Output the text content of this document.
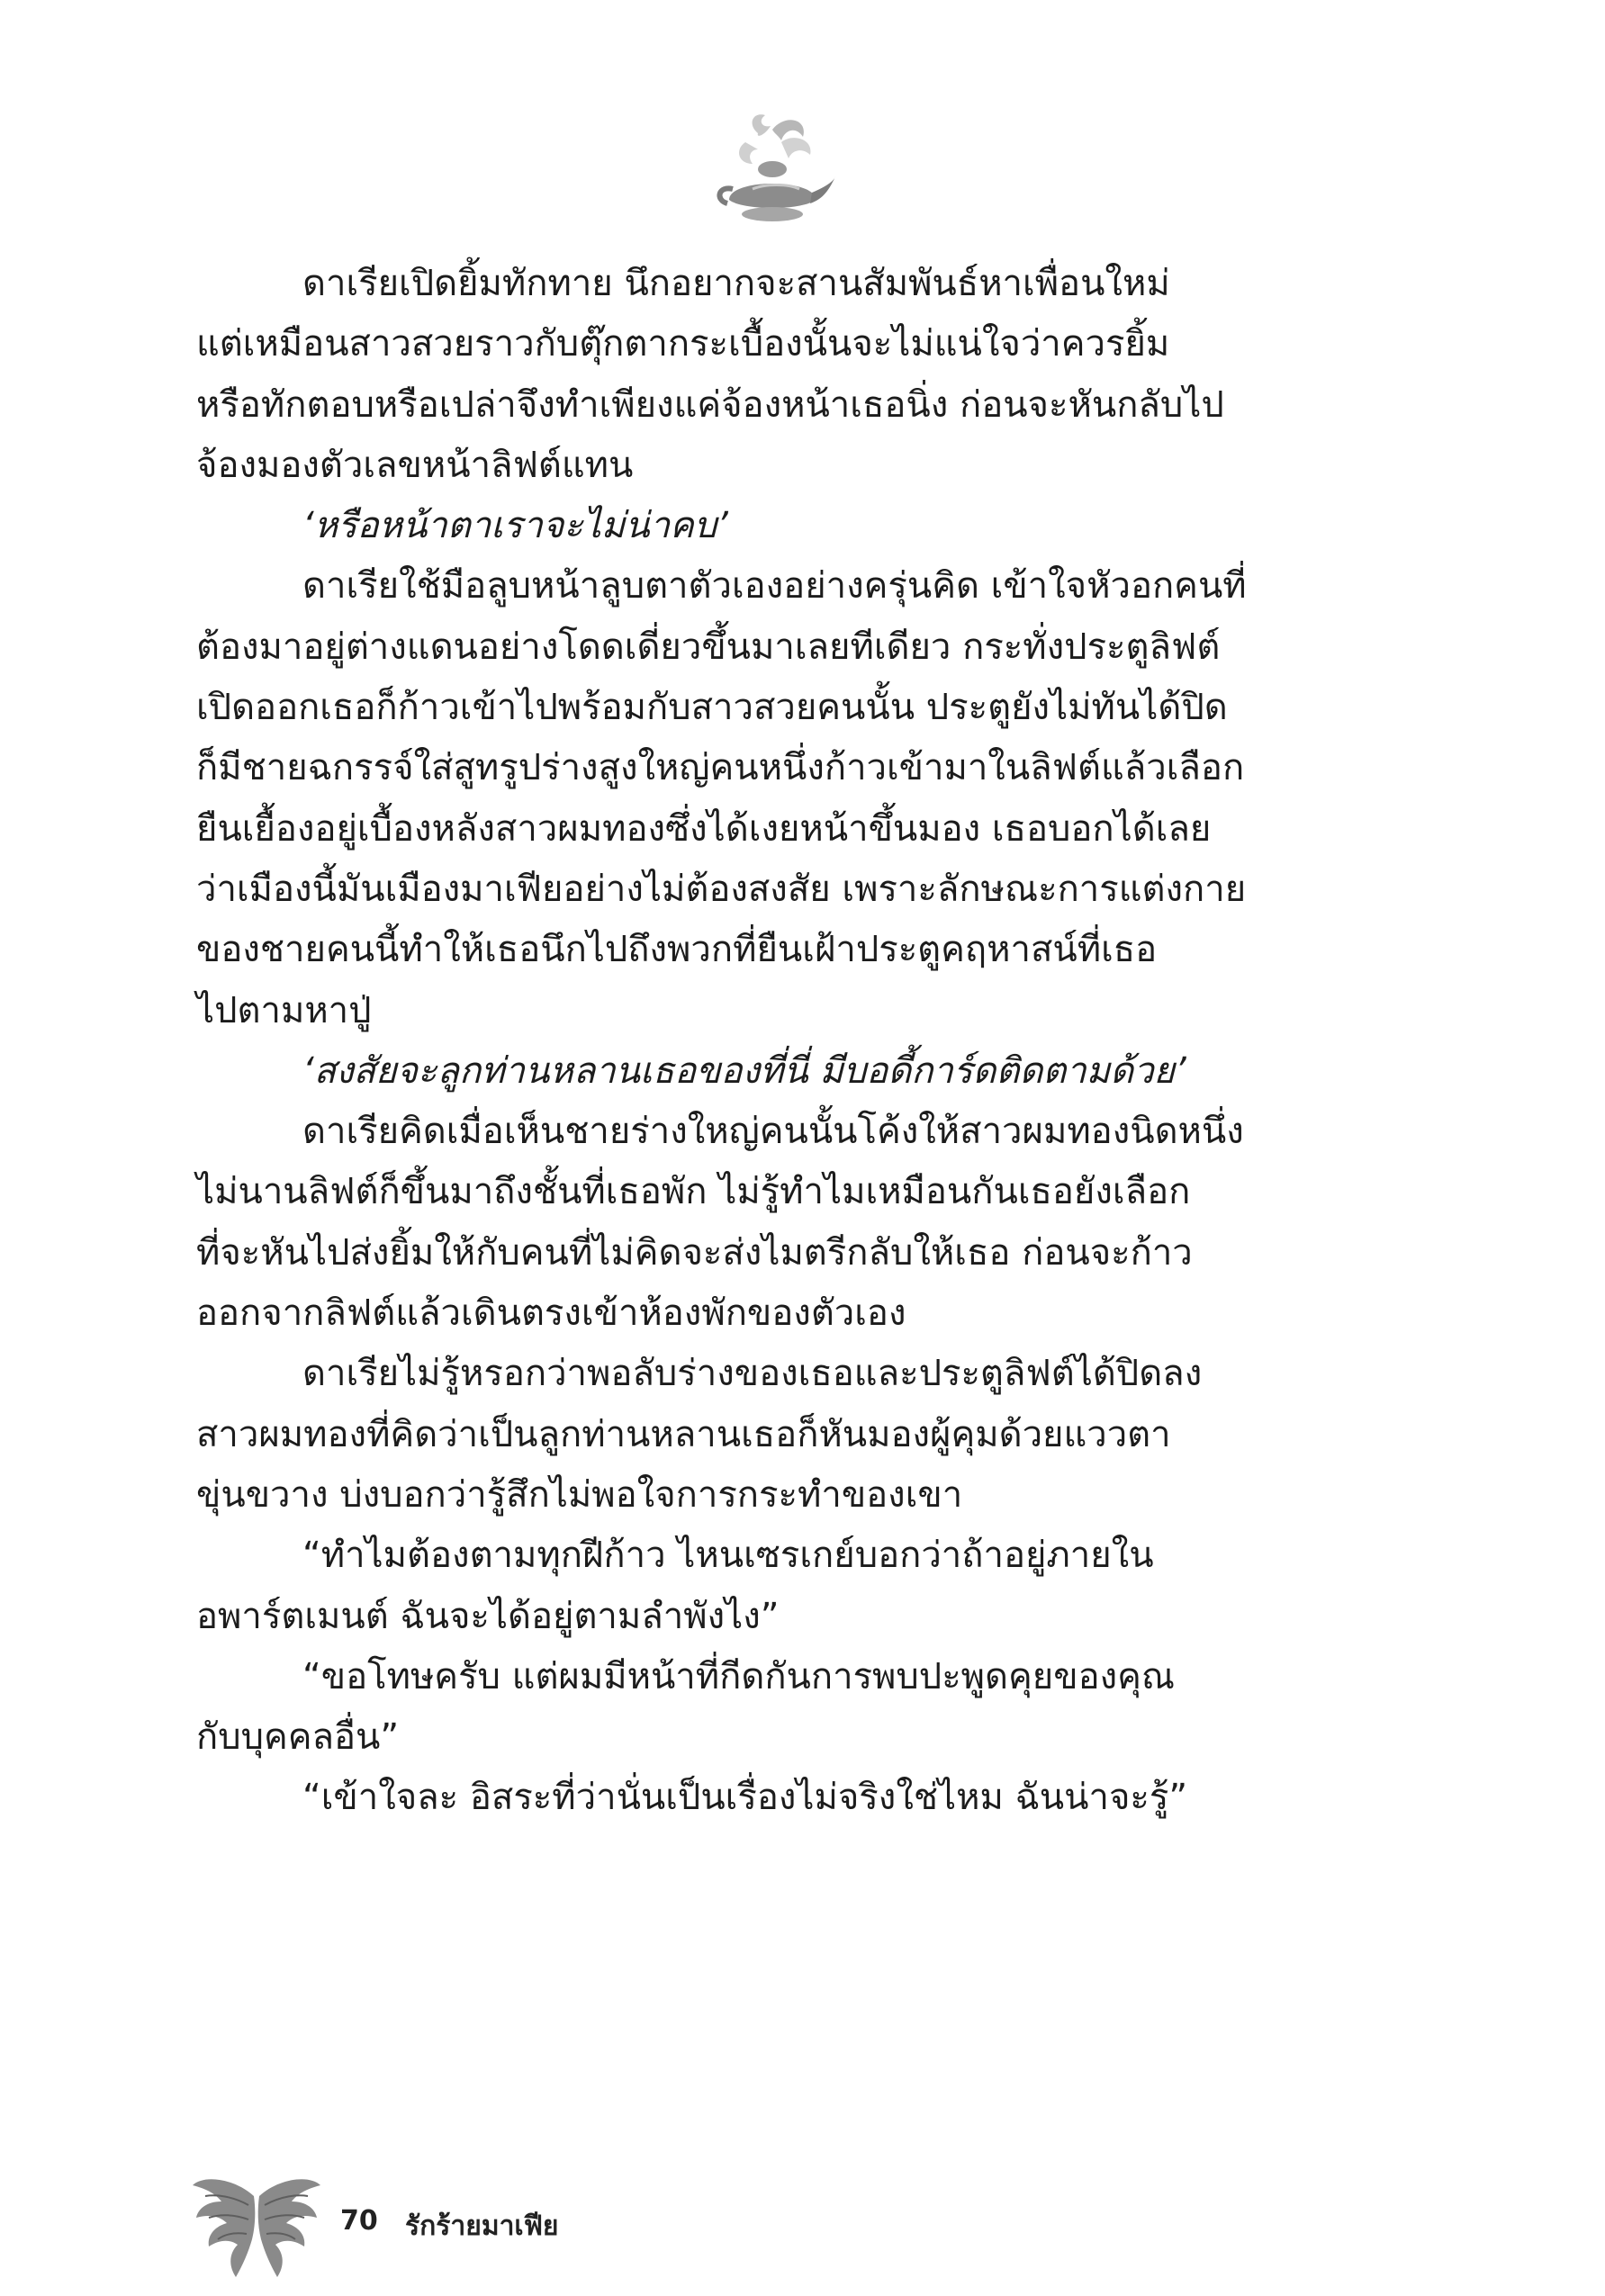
ดาเรียเปิดยิ้มทักทาย นึกอยากจะสานสัมพันธ์หาเพื่อนใหม่
แต่เหมือนสาวสวยราวกับตุ๊กตากระเบื้องนั้นจะไม่แน่ใจว่าควรยิ้ม
หรือทักตอบหรือเปล่าจึงทำเพียงแค่จ้องหน้าเธอนิ่ง ก่อนจะหันกลับไป
จ้องมองตัวเลขหน้าลิฟต์แทน

‘หรือหน้าตาเราจะไม่น่าคบ’

ดาเรียใช้มือลูบหน้าลูบตาตัวเองอย่างครุ่นคิด เข้าใจหัวอกคนที่
ต้องมาอยู่ต่างแดนอย่างโดดเดี่ยวขึ้นมาเลยทีเดียว กระทั่งประตูลิฟต์
เปิดออกเธอก็ก้าวเข้าไปพร้อมกับสาวสวยคนนั้น ประตูยังไม่ทันได้ปิด
ก็มีชายฉกรรจ์ใส่สูทรูปร่างสูงใหญ่คนหนึ่งก้าวเข้ามาในลิฟต์แล้วเลือก
ยืนเยื้องอยู่เบื้องหลังสาวผมทองซึ่งได้เงยหน้าขึ้นมอง เธอบอกได้เลย
ว่าเมืองนี้มันเมืองมาเฟียอย่างไม่ต้องสงสัย เพราะลักษณะการแต่งกาย
ของชายคนนี้ทำให้เธอนึกไปถึงพวกที่ยืนเฝ้าประตูคฤหาสน์ที่เธอ
ไปตามหาปู่

‘สงสัยจะลูกท่านหลานเธอของที่นี่ มีบอดี้การ์ดติดตามด้วย’

ดาเรียคิดเมื่อเห็นชายร่างใหญ่คนนั้นโค้งให้สาวผมทองนิดหนึ่ง
ไม่นานลิฟต์ก็ขึ้นมาถึงชั้นที่เธอพัก ไม่รู้ทำไมเหมือนกันเธอยังเลือก
ที่จะหันไปส่งยิ้มให้กับคนที่ไม่คิดจะส่งไมตรีกลับให้เธอ ก่อนจะก้าว
ออกจากลิฟต์แล้วเดินตรงเข้าห้องพักของตัวเอง

ดาเรียไม่รู้หรอกว่าพอลับร่างของเธอและประตูลิฟต์ได้ปิดลง
สาวผมทองที่คิดว่าเป็นลูกท่านหลานเธอก็หันมองผู้คุมด้วยแววตา
ขุ่นขวาง บ่งบอกว่ารู้สึกไม่พอใจการกระทำของเขา

“ทำไมต้องตามทุกฝีก้าว ไหนเซรเกย์บอกว่าถ้าอยู่ภายใน
อพาร์ตเมนต์ ฉันจะได้อยู่ตามลำพังไง”

“ขอโทษครับ แต่ผมมีหน้าที่กีดกันการพบปะพูดคุยของคุณ
กับบุคคลอื่น”

“เข้าใจละ อิสระที่ว่านั่นเป็นเรื่องไม่จริงใช่ไหม ฉันน่าจะรู้”

70 รักร้ายมาเฟีย
